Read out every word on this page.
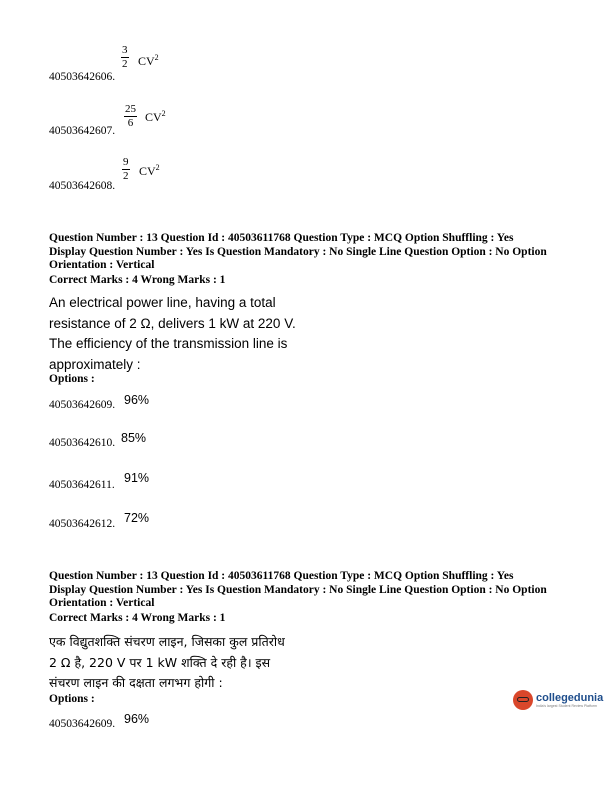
40503642606.
3
2 $CV^2$
40503642607.
25
6 $CV^2$
40503642608.
9
2 $CV^2$
Question Number : 13 Question Id : 40503611768 Question Type : MCQ Option Shuffling : Yes
Display Question Number : Yes Is Question Mandatory : No Single Line Question Option : No Option
Orientation : Vertical
Correct Marks : 4 Wrong Marks : 1
An electrical power line, having a total
resistance of 2 Ω, delivers 1 kW at 220 V.
The efficiency of the transmission line is
approximately :
Options :
40503642609. 96%
40503642610. 85%
40503642611. 91%
40503642612. 72%
Question Number : 13 Question Id : 40503611768 Question Type : MCQ Option Shuffling : Yes
Display Question Number : Yes Is Question Mandatory : No Single Line Question Option : No Option
Orientation : Vertical
Correct Marks : 4 Wrong Marks : 1
एक विद्युतशक्ति संचरण लाइन, जिसका कुल प्रतिरोध
2 Ω है, 220 V पर 1 kW शक्ति दे रही है। इस
संचरण लाइन की दक्षता लगभग होगी :
Options :
40503642609. 96%
collegedunia
India's largest Student Review Platform
